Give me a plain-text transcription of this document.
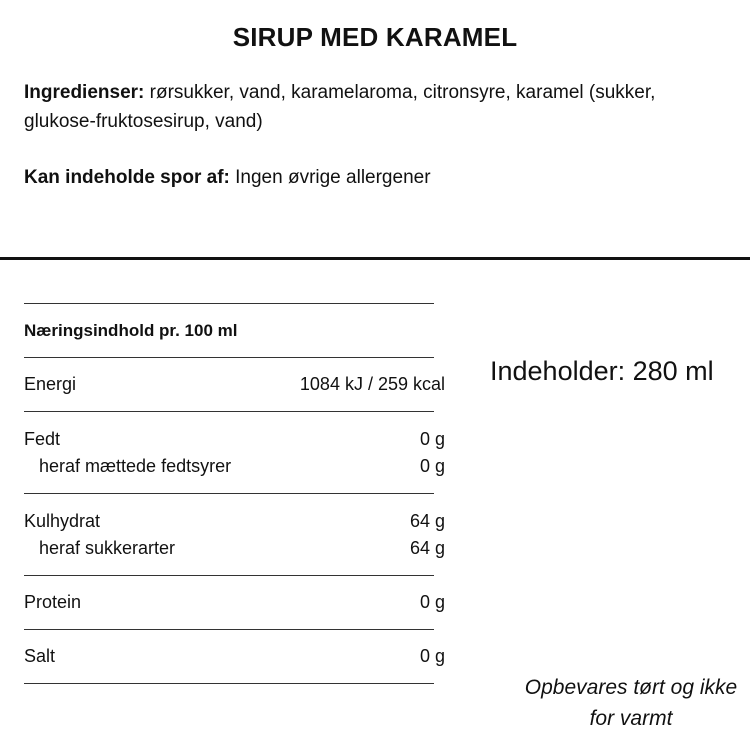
SIRUP MED KARAMEL
Ingredienser: rørsukker, vand, karamelaroma, citronsyre, karamel (sukker, glukose-fruktosesirup, vand)
Kan indeholde spor af: Ingen øvrige allergener
Næringsindhold pr. 100 ml
Energi	1084 kJ / 259 kcal
Fedt	0 g
heraf mættede fedtsyrer	0 g
Kulhydrat	64 g
heraf sukkerarter	64 g
Protein	0 g
Salt	0 g
Indeholder: 280 ml
Opbevares tørt og ikke for varmt
